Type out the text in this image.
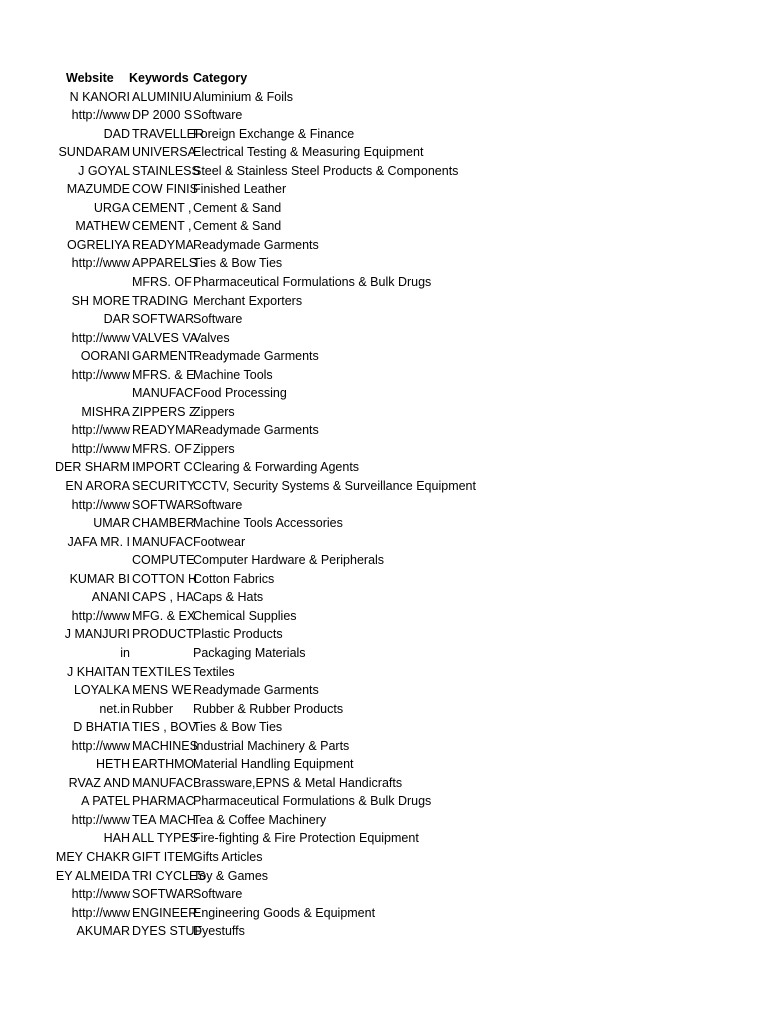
Website Keywords Category
N KANORI ALUMINIU Aluminium & Foils
http://www DP 2000 S Software
DAD TRAVELLER
Foreign Exchange & Finance
SUNDARAM UNIVERSA
Electrical Testing & Measuring Equipment
J GOYAL STAINLESS
Steel & Stainless Steel Products & Components
MAZUMDE COW FINIS
Finished Leather
URGA CEMENT , Cement & Sand
MATHEW CEMENT , Cement & Sand
OGRELIYA READYMA Readymade Garments
http://www APPARELS
Ties & Bow Ties
MFRS. OF Pharmaceutical Formulations & Bulk Drugs
SH MORE TRADING Merchant Exporters
DAR SOFTWAR
Software
http://www VALVES VA
Valves
OORANI GARMENT
Readymade Garments
http://www MFRS. & E
Machine Tools
MANUFAC Food Processing
MISHRA ZIPPERS Z
Zippers
http://www READYMA Readymade Garments
http://www MFRS. OF Zippers
DER SHARM IMPORT C Clearing & Forwarding Agents
EN ARORA SECURITY
CCTV, Security Systems & Surveillance Equipment
http://www SOFTWAR
Software
UMAR CHAMBER
Machine Tools Accessories
JAFA MR. I MANUFAC Footwear
COMPUTE
Computer Hardware & Peripherals
KUMAR BI COTTON H
Cotton Fabrics
ANANI CAPS , HA Caps & Hats
http://www MFG. & EX
Chemical Supplies
J MANJURI PRODUCT Plastic Products
in	Packaging Materials
J KHAITAN TEXTILES Textiles
LOYALKA MENS WE Readymade Garments
net.in Rubber	Rubber & Rubber Products
D BHATIA TIES , BOV
Ties & Bow Ties
http://www MACHINES
Industrial Machinery & Parts
HETH EARTHMO
Material Handling Equipment
RVAZ AND MANUFAC Brassware,EPNS & Metal Handicrafts
A PATEL PHARMAC
Pharmaceutical Formulations & Bulk Drugs
http://www TEA MACH
Tea & Coffee Machinery
HAH ALL TYPES
Fire-fighting & Fire Protection Equipment
MEY CHAKR GIFT ITEM Gifts Articles
EY ALMEIDA TRI CYCLES
Toy & Games
http://www SOFTWAR
Software
http://www ENGINEER
Engineering Goods & Equipment
AKUMAR DYES STUF
Dyestuffs
